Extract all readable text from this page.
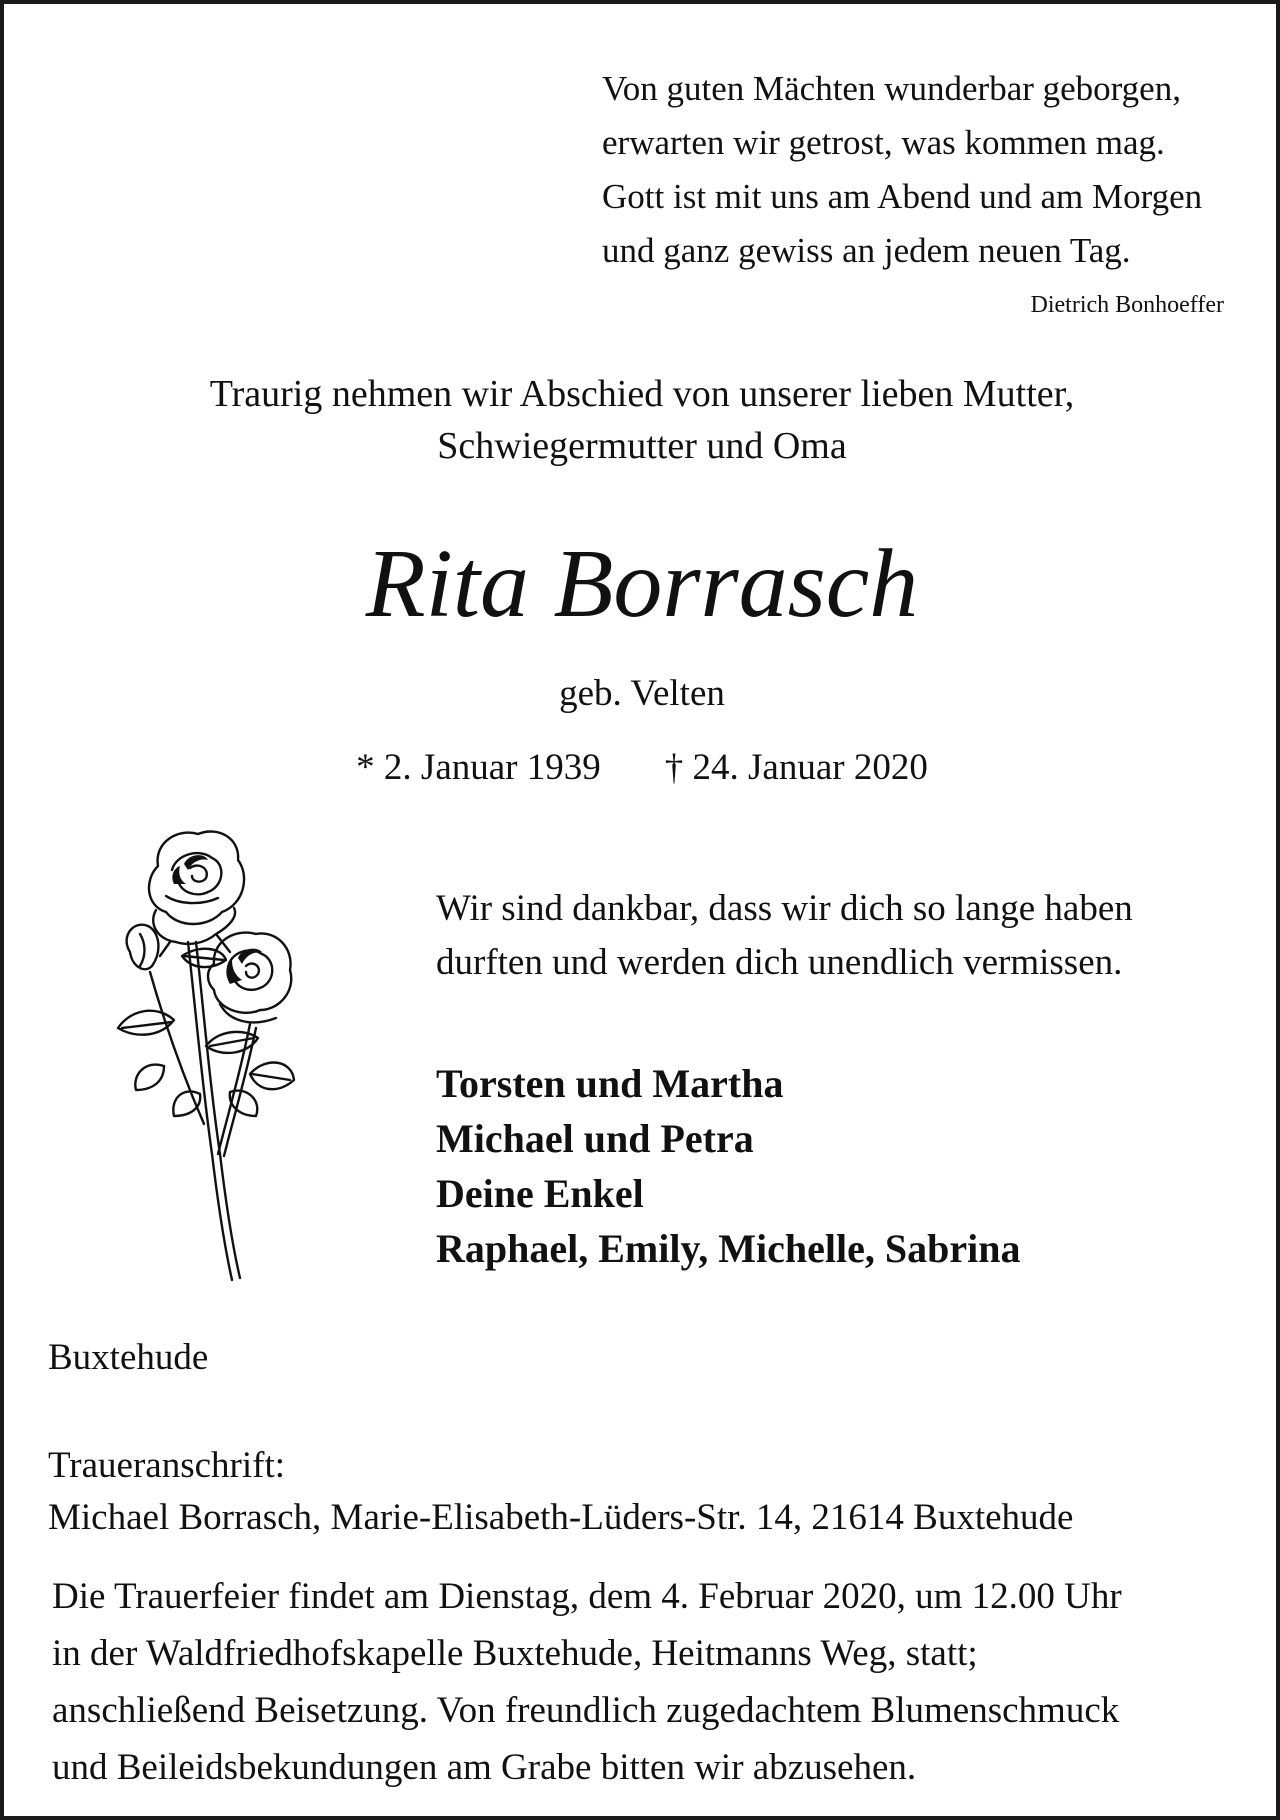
Von guten Mächten wunderbar geborgen,
erwarten wir getrost, was kommen mag.
Gott ist mit uns am Abend und am Morgen
und ganz gewiss an jedem neuen Tag.
Dietrich Bonhoeffer
Traurig nehmen wir Abschied von unserer lieben Mutter,
Schwiegermutter und Oma
Rita Borrasch
geb. Velten
* 2. Januar 1939 † 24. Januar 2020
Wir sind dankbar, dass wir dich so lange haben
durften und werden dich unendlich vermissen.
Torsten und Martha
Michael und Petra
Deine Enkel
Raphael, Emily, Michelle, Sabrina
Buxtehude
Traueranschrift:
Michael Borrasch, Marie-Elisabeth-Lüders-Str. 14, 21614 Buxtehude
Die Trauerfeier findet am Dienstag, dem 4. Februar 2020, um 12.00 Uhr
in der Waldfriedhofskapelle Buxtehude, Heitmanns Weg, statt;
anschließend Beisetzung. Von freundlich zugedachtem Blumenschmuck
und Beileidsbekundungen am Grabe bitten wir abzusehen.
